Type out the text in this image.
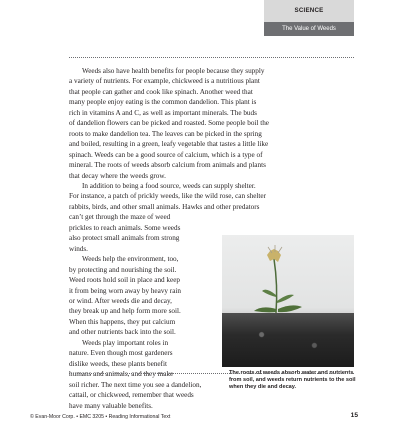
SCIENCE
The Value of Weeds

Weeds also have health benefits for people because they supply

a variety of nutrients. For example, chickweed is a nutritious plant
that people can gather and cook like spinach. Another weed that
many people enjoy eating is the common dandelion. This plant is
rich in vitamins A and C, as well as important minerals. The buds
of dandelion flowers can be picked and roasted. Some people boil the
roots to make dandelion tea. The leaves can be picked in the spring
and boiled, resulting in a green, leafy vegetable that tastes a little like
spinach. Weeds can be a good source of calcium, which is a type of
mineral. The roots of weeds absorb calcium from animals and plants
that decay where the weeds grow.

In addition to being a food source, weeds can supply shelter.

For instance, a patch of prickly weeds, like the wild rose, can shelter
rabbits, birds, and other small animals. Hawks and other predators
can’t get through the maze of weed
prickles to reach animals. Some weeds
also protect small animals from strong
winds.

Weeds help the environment, too,

by protecting and nourishing the soil.
Weed roots hold soil in place and keep
it from being worn away by heavy rain
or wind. After weeds die and decay,
they break up and help form more soil.
When this happens, they put calcium
and other nutrients back into the soil.

Weeds play important roles in

nature. Even though most gardeners
dislike weeds, these plants benefit
humans and animals, and they make
soil richer. The next time you see a dandelion,
cattail, or chickweed, remember that weeds
have many valuable benefits.

The roots of weeds absorb water and nutrients from soil, and weeds return nutrients to the soil when they die and decay.
© Evan-Moor Corp. • EMC 3205 • Reading Informational Text	15
